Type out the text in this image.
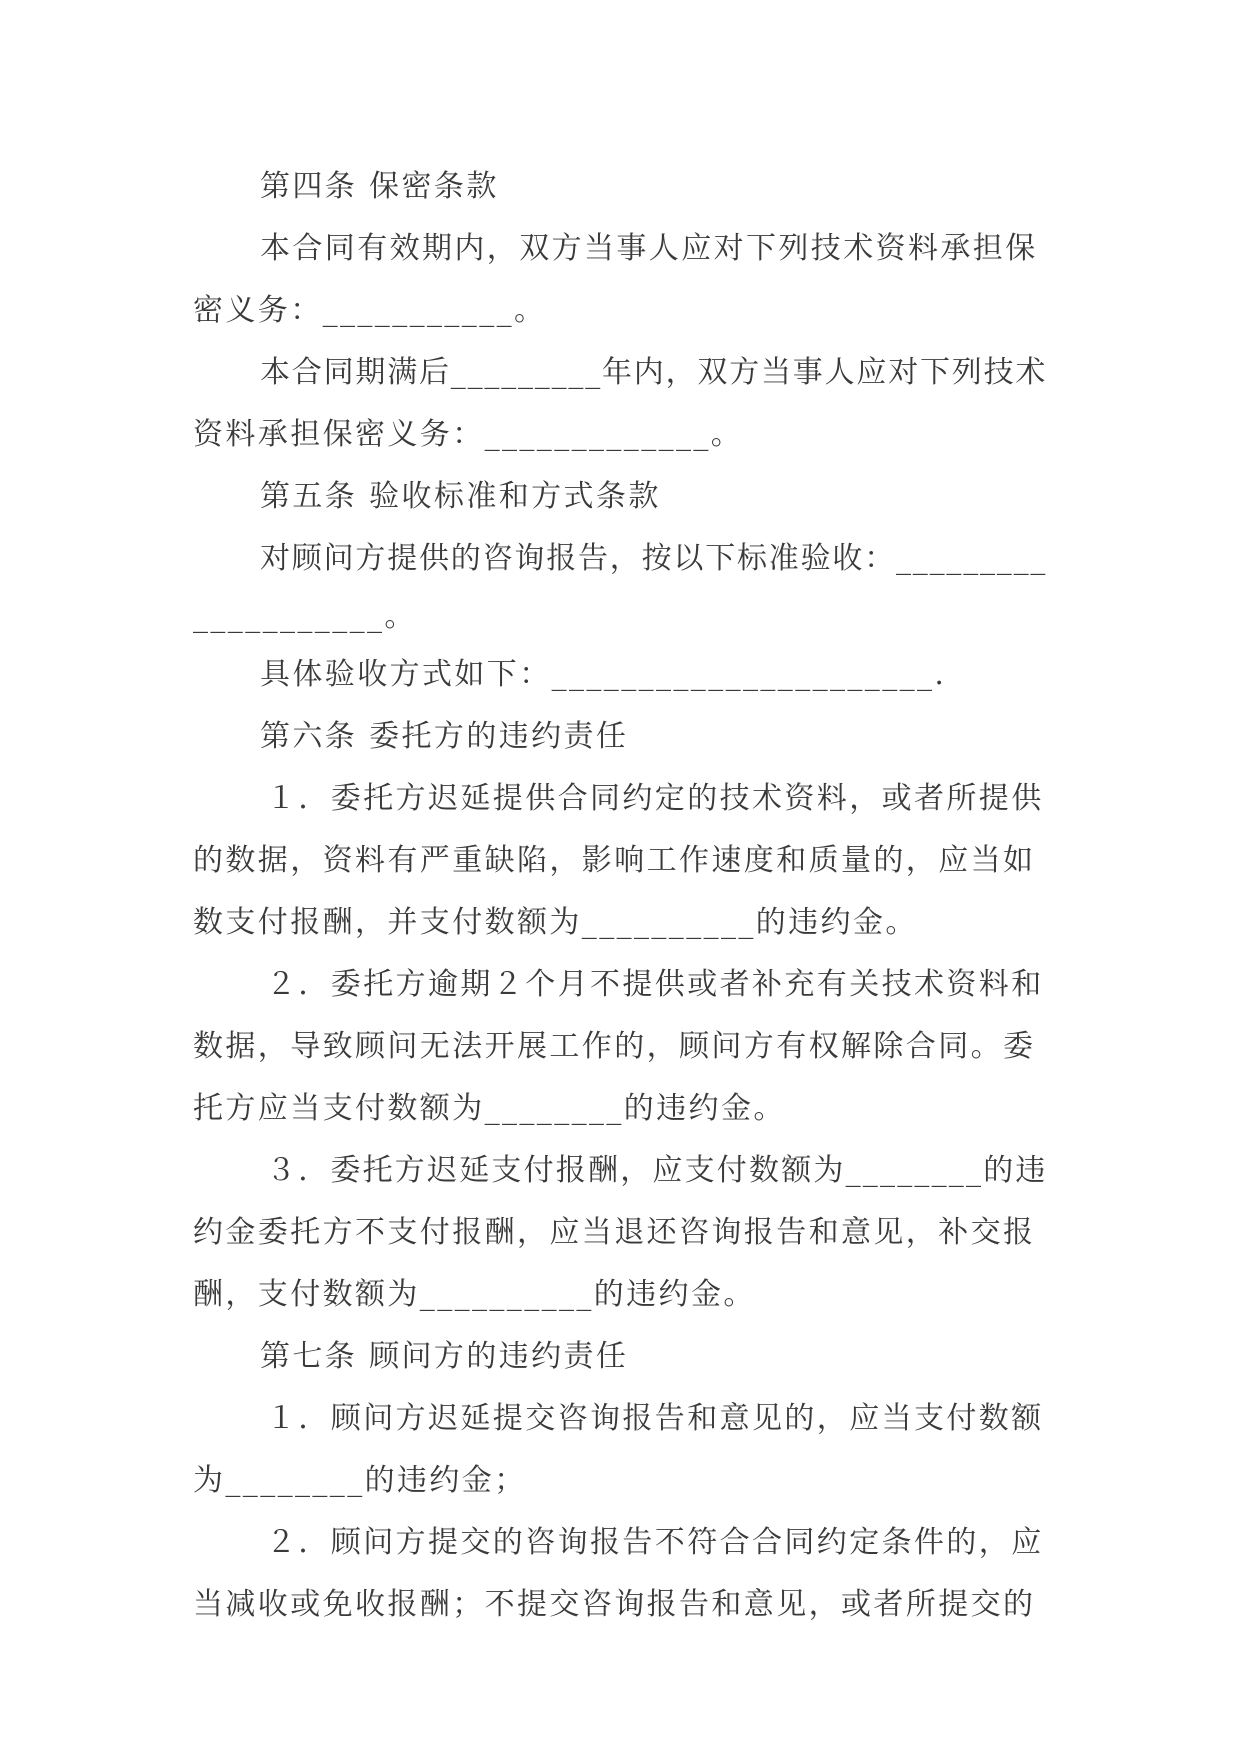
第四条 保密条款
本合同有效期内，双方当事人应对下列技术资料承担保
密义务：___________。
本合同期满后_________年内，双方当事人应对下列技术
资料承担保密义务：_____________。
第五条 验收标准和方式条款
对顾问方提供的咨询报告，按以下标准验收：_________
___________。
具体验收方式如下：______________________.
第六条 委托方的违约责任
１．委托方迟延提供合同约定的技术资料，或者所提供
的数据，资料有严重缺陷，影响工作速度和质量的，应当如
数支付报酬，并支付数额为__________的违约金。
２．委托方逾期２个月不提供或者补充有关技术资料和
数据，导致顾问无法开展工作的，顾问方有权解除合同。委
托方应当支付数额为________的违约金。
３．委托方迟延支付报酬，应支付数额为________的违
约金委托方不支付报酬，应当退还咨询报告和意见，补交报
酬，支付数额为__________的违约金。
第七条 顾问方的违约责任
１．顾问方迟延提交咨询报告和意见的，应当支付数额
为________的违约金；
２．顾问方提交的咨询报告不符合合同约定条件的，应
当减收或免收报酬；不提交咨询报告和意见，或者所提交的
